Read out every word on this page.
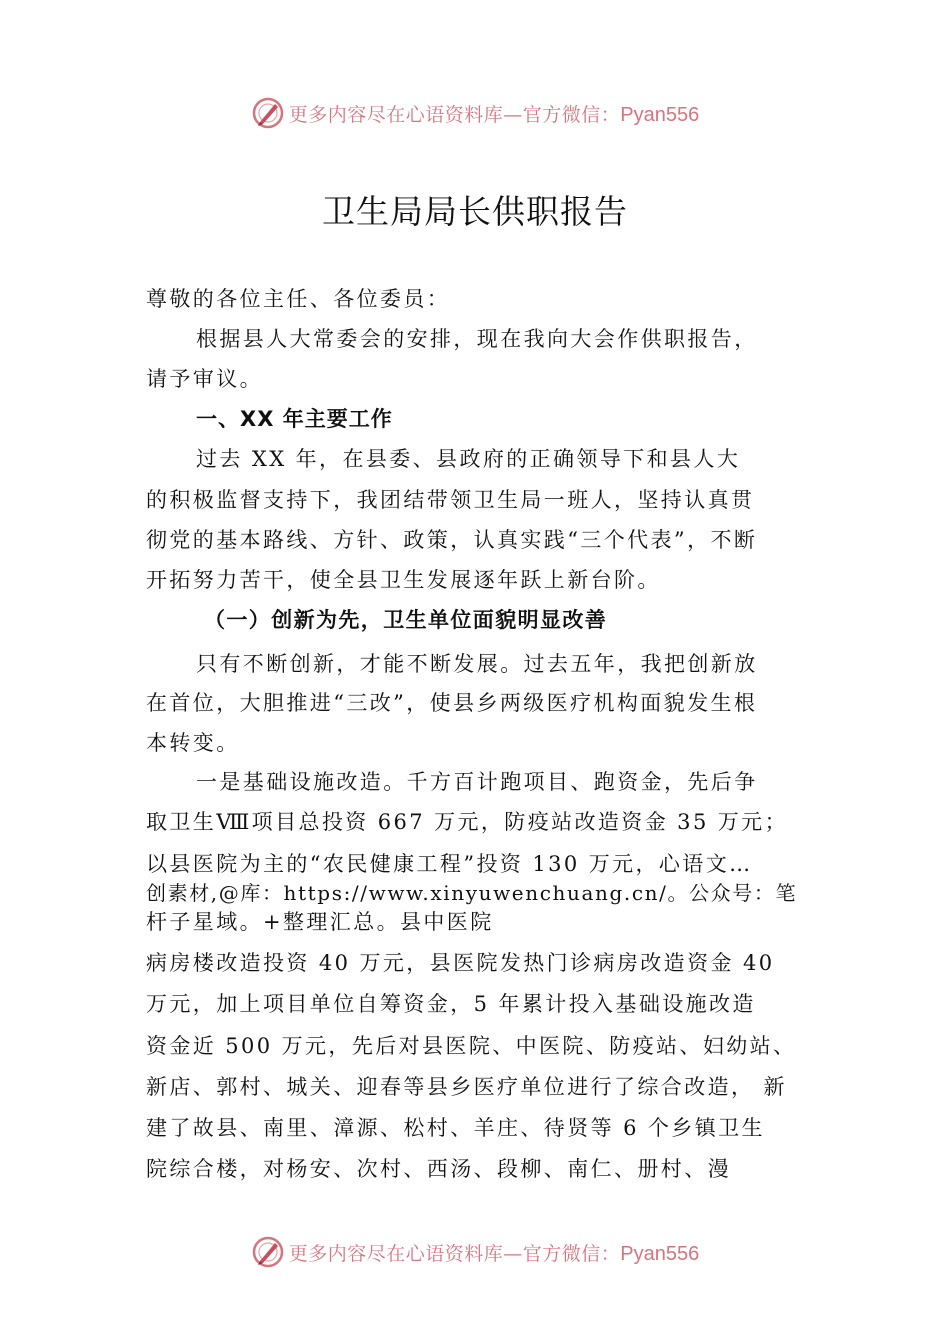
更多内容尽在心语资料库—官方微信：Pyan556
卫生局局长供职报告
尊敬的各位主任、各位委员：
根据县人大常委会的安排，现在我向大会作供职报告，
请予审议。
一、XX 年主要工作
过去 XX 年，在县委、县政府的正确领导下和县人大
的积极监督支持下，我团结带领卫生局一班人，坚持认真贯
彻党的基本路线、方针、政策，认真实践“三个代表”，不断
开拓努力苦干，使全县卫生发展逐年跃上新台阶。
（一）创新为先，卫生单位面貌明显改善
只有不断创新，才能不断发展。过去五年，我把创新放
在首位，大胆推进“三改”，使县乡两级医疗机构面貌发生根
本转变。
一是基础设施改造。千方百计跑项目、跑资金，先后争
取卫生Ⅷ项目总投资 667 万元，防疫站改造资金 35 万元；
以县医院为主的“农民健康工程”投资 130 万元，心语文…
创素材,@库：https://www.xinyuwenchuang.cn/。公众号：笔
杆子星域。+整理汇总。县中医院
病房楼改造投资 40 万元，县医院发热门诊病房改造资金 40
万元，加上项目单位自筹资金，5 年累计投入基础设施改造
资金近 500 万元，先后对县医院、中医院、防疫站、妇幼站、
新店、郭村、城关、迎春等县乡医疗单位进行了综合改造， 新
建了故县、南里、漳源、松村、羊庄、待贤等 6 个乡镇卫生
院综合楼，对杨安、次村、西汤、段柳、南仁、册村、漫
更多内容尽在心语资料库—官方微信：Pyan556
